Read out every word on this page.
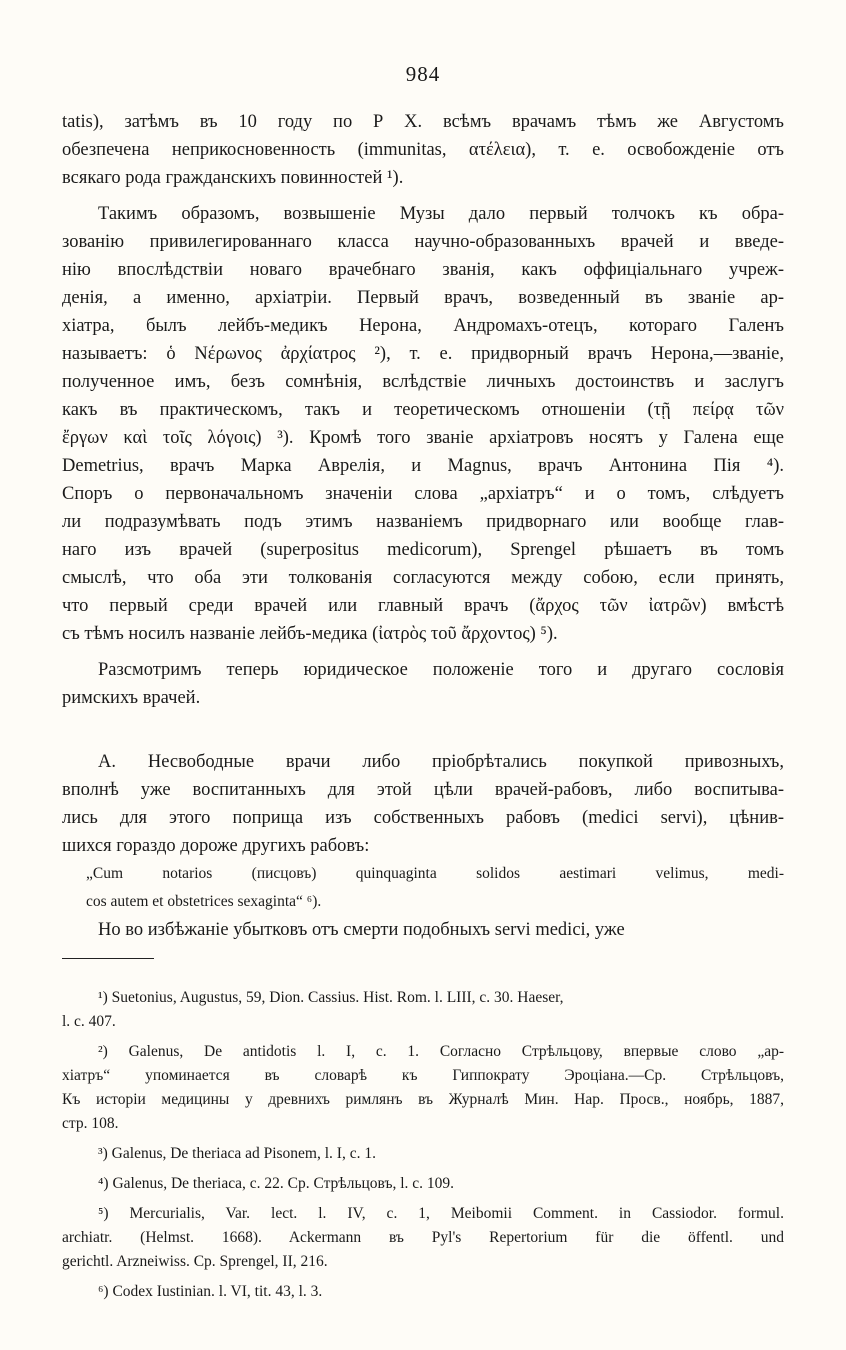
984
tatis), затѣмъ въ 10 году по Р Х. всѣмъ врачамъ тѣмъ же Августомъ
обезпечена неприкосновенность (immunitas, ατέλεια), т. е. освобожденіе отъ
всякаго рода гражданскихъ повинностей ¹).
Такимъ образомъ, возвышеніе Музы дало первый толчокъ къ обра-
зованію привилегированнаго класса научно-образованныхъ врачей и введе-
нію впослѣдствіи новаго врачебнаго званія, какъ оффиціальнаго учреж-
денія, а именно, архіатріи. Первый врачъ, возведенный въ званіе ар-
хіатра, былъ лейбъ-медикъ Нерона, Андромахъ-отецъ, котораго Галенъ
называетъ: ὁ Νέρωνος ἀρχίατρος ²), т. е. придворный врачъ Нерона,—званіе,
полученное имъ, безъ сомнѣнія, вслѣдствіе личныхъ достоинствъ и заслугъ
какъ въ практическомъ, такъ и теоретическомъ отношеніи (τῇ πείρᾳ τῶν
ἔργων καὶ τοῖς λόγοις) ³). Кромѣ того званіе архіатровъ носятъ у Галена еще
Demetrius, врачъ Марка Аврелія, и Magnus, врачъ Антонина Пія ⁴).
Споръ о первоначальномъ значеніи слова „архіатръ“ и о томъ, слѣдуетъ
ли подразумѣвать подъ этимъ названіемъ придворнаго или вообще глав-
наго изъ врачей (superpositus medicorum), Sprengel рѣшаетъ въ томъ
смыслѣ, что оба эти толкованія согласуются между собою, если принять,
что первый среди врачей или главный врачъ (ἄρχος τῶν ἰατρῶν) вмѣстѣ
съ тѣмъ носилъ названіе лейбъ-медика (ἰατρὸς τοῦ ἄρχοντος) ⁵).
Разсмотримъ теперь юридическое положеніе того и другаго сословія
римскихъ врачей.
А. Несвободные врачи либо пріобрѣтались покупкой привозныхъ,
вполнѣ уже воспитанныхъ для этой цѣли врачей-рабовъ, либо воспитыва-
лись для этого поприща изъ собственныхъ рабовъ (medici servi), цѣнив-
шихся гораздо дороже другихъ рабовъ:
„Cum notarios (писцовъ) quinquaginta solidos aestimari velimus, medi-
cos autem et obstetrices sexaginta“ ⁶).
Но во избѣжаніе убытковъ отъ смерти подобныхъ servi medici, уже
¹) Suetonius, Augustus, 59, Dion. Cassius. Hist. Rom. l. LIII, c. 30. Haeser,
l. c. 407.
²) Galenus, De antidotis l. I, c. 1. Согласно Стрѣльцову, впервые слово „ар-
хіатръ“ упоминается въ словарѣ къ Гиппократу Эроціана.—Ср. Стрѣльцовъ,
Къ исторіи медицины у древнихъ римлянъ въ Журналѣ Мин. Нар. Просв., ноябрь, 1887,
стр. 108.
³) Galenus, De theriaca ad Pisonem, l. I, c. 1.
⁴) Galenus, De theriaca, c. 22. Ср. Стрѣльцовъ, l. c. 109.
⁵) Mercurialis, Var. lect. l. IV, c. 1, Meibomii Comment. in Cassiodor. formul.
archiatr. (Helmst. 1668). Ackermann въ Pyl's Repertorium für die öffentl. und
gerichtl. Arzneiwiss. Ср. Sprengel, II, 216.
⁶) Codex Iustinian. l. VI, tit. 43, l. 3.
